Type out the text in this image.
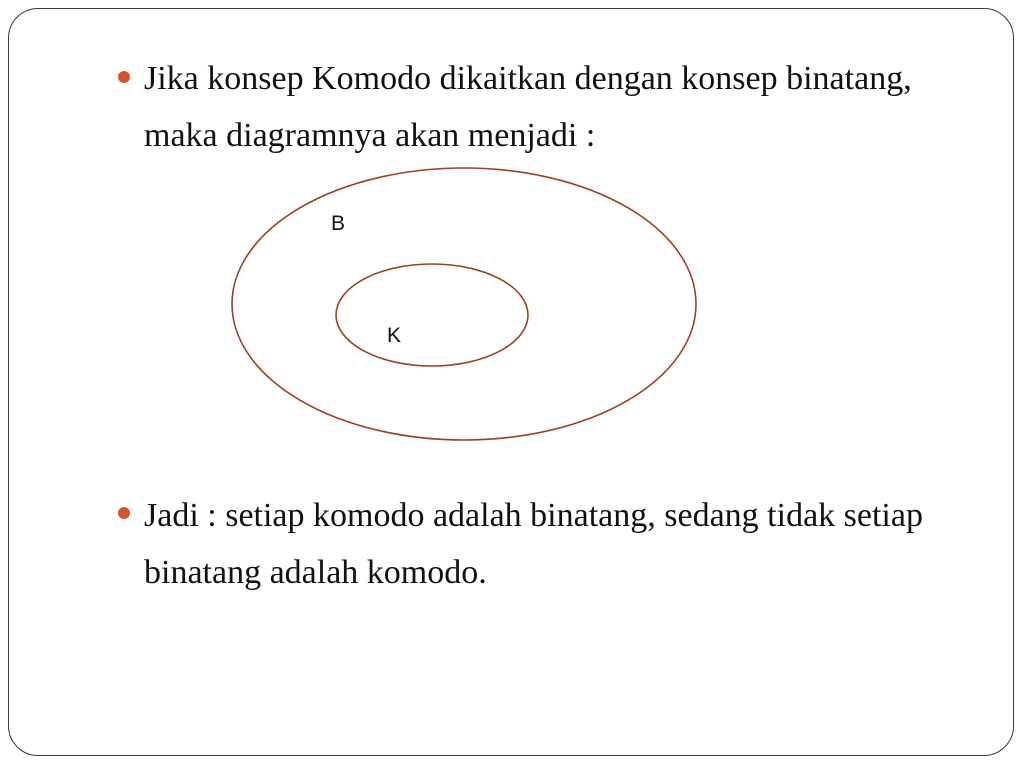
Jika konsep Komodo dikaitkan dengan konsep binatang, maka diagramnya akan menjadi :
B
K
Jadi : setiap komodo adalah binatang, sedang tidak setiap binatang adalah komodo.
